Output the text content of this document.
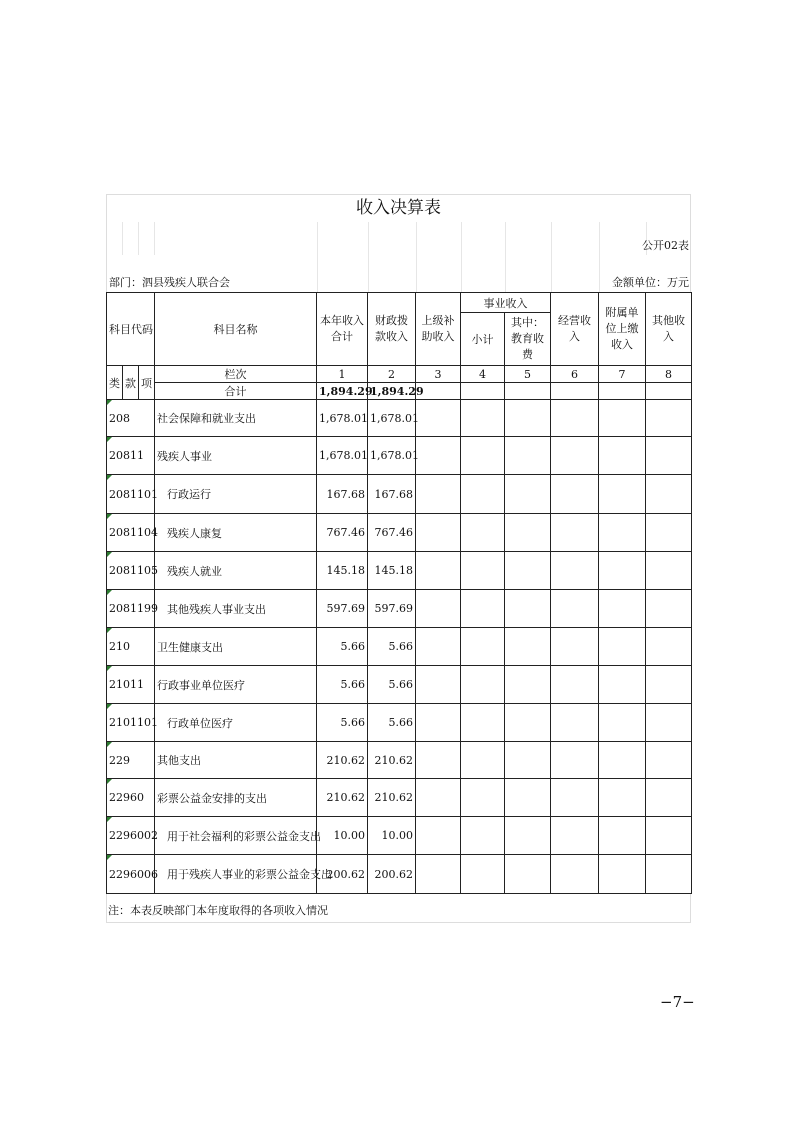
收入决算表
公开02表
部门：泗县残疾人联合会	金额单位：万元
科目代码			科目名称	本年收入合计	财政拨款收入	上级补助收入	事业收入		经营收入	附属单位上缴收入	其他收入
							小计	其中：教育收费			
类	款	项	栏次	1	2	3	4	5	6	7	8
			合计	1,894.29	1,894.29						
208			社会保障和就业支出	1,678.01	1,678.01						
20811			残疾人事业	1,678.01	1,678.01						
2081101			行政运行	167.68	167.68						
2081104			残疾人康复	767.46	767.46						
2081105			残疾人就业	145.18	145.18						
2081199			其他残疾人事业支出	597.69	597.69						
210			卫生健康支出	5.66	5.66						
21011			行政事业单位医疗	5.66	5.66						
2101101			行政单位医疗	5.66	5.66						
229			其他支出	210.62	210.62						
22960			彩票公益金安排的支出	210.62	210.62						
2296002			用于社会福利的彩票公益金支出	10.00	10.00						
2296006			用于残疾人事业的彩票公益金支出	200.62	200.62						
注：本表反映部门本年度取得的各项收入情况
−7−
